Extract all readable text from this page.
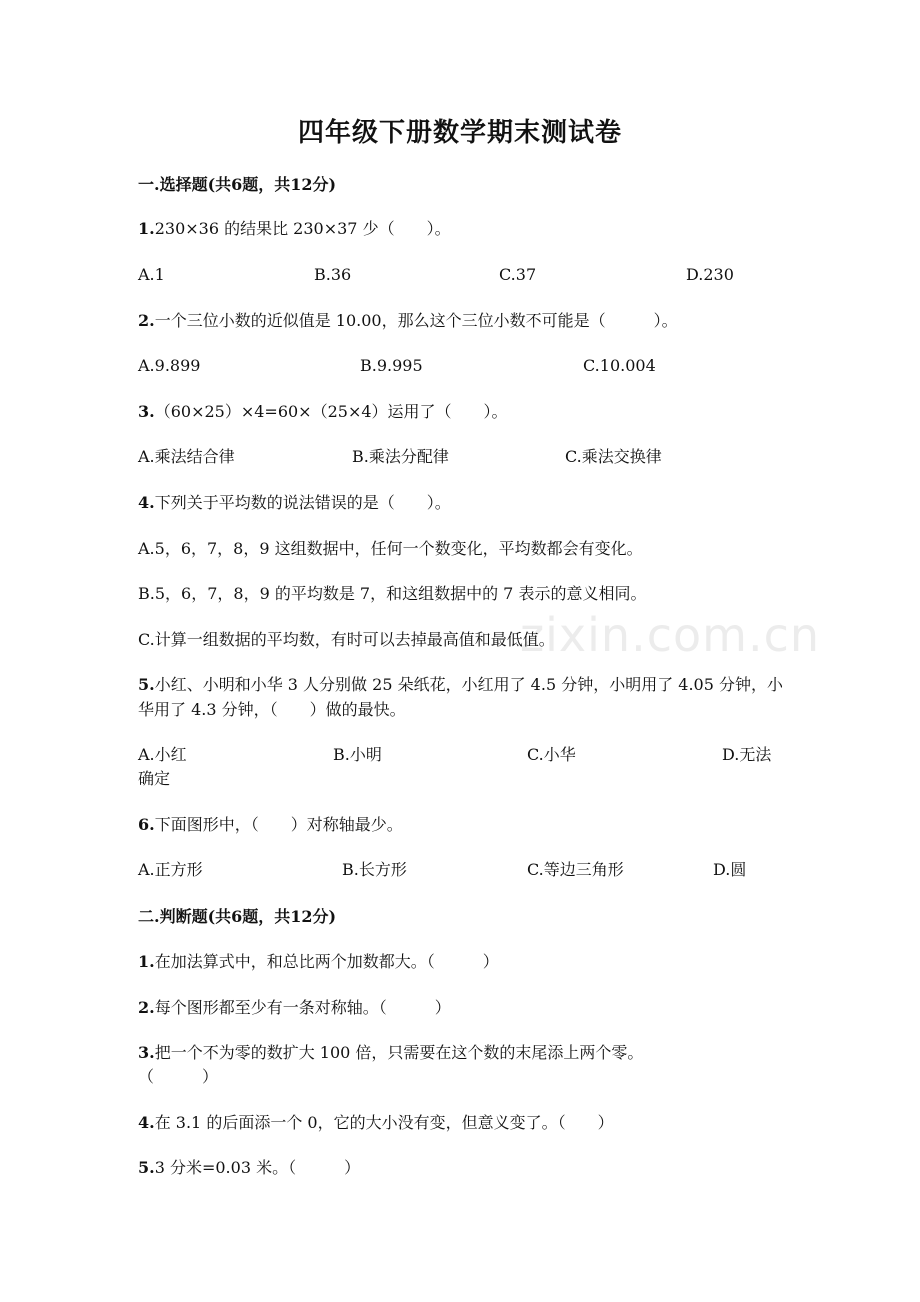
zixin.com.cn
四年级下册数学期末测试卷
一.选择题(共6题，共12分)
1.230×36 的结果比 230×37 少（　　）。
A.1	B.36	C.37	D.230
2.一个三位小数的近似值是 10.00，那么这个三位小数不可能是（　　　）。
A.9.899	B.9.995	C.10.004
3.（60×25）×4=60×（25×4）运用了（　　）。
A.乘法结合律	B.乘法分配律	C.乘法交换律
4.下列关于平均数的说法错误的是（　　）。
A.5，6，7，8，9 这组数据中，任何一个数变化，平均数都会有变化。
B.5，6，7，8，9 的平均数是 7，和这组数据中的 7 表示的意义相同。
C.计算一组数据的平均数，有时可以去掉最高值和最低值。
5.小红、小明和小华 3 人分别做 25 朵纸花，小红用了 4.5 分钟，小明用了 4.05 分钟，小华用了 4.3 分钟，（　　）做的最快。
A.小红	B.小明	C.小华	D.无法
确定
6.下面图形中，（　　）对称轴最少。
A.正方形	B.长方形	C.等边三角形	D.圆
二.判断题(共6题，共12分)
1.在加法算式中，和总比两个加数都大。（　　　）
2.每个图形都至少有一条对称轴。（　　　）
3.把一个不为零的数扩大 100 倍，只需要在这个数的末尾添上两个零。
（　　　）
4.在 3.1 的后面添一个 0，它的大小没有变，但意义变了。（　　）
5.3 分米=0.03 米。（　　　）
